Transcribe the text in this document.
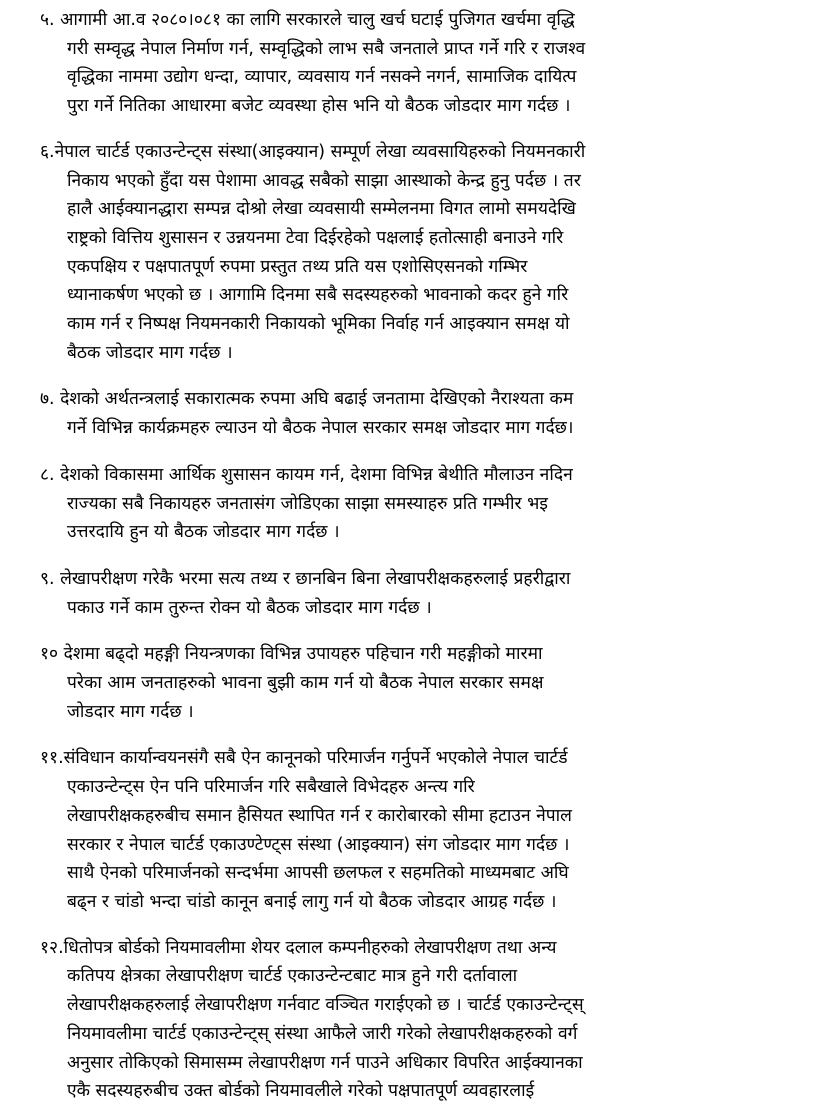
५. आगामी आ.व २०८०।०८१ का लागि सरकारले चालु खर्च घटाई पुजिगत खर्चमा वृद्धि
गरी सम्वृद्ध नेपाल निर्माण गर्न, सम्वृद्धिको लाभ सबै जनताले प्राप्त गर्ने गरि र राजश्व
वृद्धिका नाममा उद्योग धन्दा, व्यापार, व्यवसाय गर्न नसक्ने नगर्न, सामाजिक दायित्प
पुरा गर्ने नितिका आधारमा बजेट व्यवस्था होस भनि यो बैठक जोडदार माग गर्दछ ।
६.नेपाल चार्टर्ड एकाउन्टेन्ट्स संस्था(आइक्यान) सम्पूर्ण लेखा व्यवसायिहरुको नियमनकारी
निकाय भएको हुँदा यस पेशामा आवद्ध सबैको साझा आस्थाको केन्द्र हुनु पर्दछ । तर
हालै आईक्यानद्धारा सम्पन्न दोश्रो लेखा व्यवसायी सम्मेलनमा विगत लामो समयदेखि
राष्ट्रको वित्तिय शुसासन र उन्नयनमा टेवा दिईरहेको पक्षलाई हतोत्साही बनाउने गरि
एकपक्षिय र पक्षपातपूर्ण रुपमा प्रस्तुत तथ्य प्रति यस एशोसिएसनको गम्भिर
ध्यानाकर्षण भएको छ । आगामि दिनमा सबै सदस्यहरुको भावनाको कदर हुने गरि
काम गर्न र निष्पक्ष नियमनकारी निकायको भूमिका निर्वाह गर्न आइक्यान समक्ष यो
बैठक जोडदार माग गर्दछ ।
७. देशको अर्थतन्त्रलाई सकारात्मक रुपमा अघि बढाई जनतामा देखिएको नैराश्यता कम
गर्ने विभिन्न कार्यक्रमहरु ल्याउन यो बैठक नेपाल सरकार समक्ष जोडदार माग गर्दछ।
८. देशको विकासमा आर्थिक शुसासन कायम गर्न, देशमा विभिन्न बेथीति मौलाउन नदिन
राज्यका सबै निकायहरु जनतासंग जोडिएका साझा समस्याहरु प्रति गम्भीर भइ
उत्तरदायि हुन यो बैठक जोडदार माग गर्दछ ।
९. लेखापरीक्षण गरेकै भरमा सत्य तथ्य र छानबिन बिना लेखापरीक्षकहरुलाई प्रहरीद्वारा
पकाउ गर्ने काम तुरुन्त रोक्न यो बैठक जोडदार माग गर्दछ ।
१० देशमा बढ्दो महङ्गी नियन्त्रणका विभिन्न उपायहरु पहिचान गरी महङ्गीको मारमा
परेका आम जनताहरुको भावना बुझी काम गर्न यो बैठक नेपाल सरकार समक्ष
जोडदार माग गर्दछ ।
११.संविधान कार्यान्वयनसंगै सबै ऐन कानूनको परिमार्जन गर्नुपर्ने भएकोले नेपाल चार्टर्ड
एकाउन्टेन्ट्स ऐन पनि परिमार्जन गरि सबैखाले विभेदहरु अन्त्य गरि
लेखापरीक्षकहरुबीच समान हैसियत स्थापित गर्न र कारोबारको सीमा हटाउन नेपाल
सरकार र नेपाल चार्टर्ड एकाउण्टेण्ट्स संस्था (आइक्यान) संग जोडदार माग गर्दछ ।
साथै ऐनको परिमार्जनको सन्दर्भमा आपसी छलफल र सहमतिको माध्यमबाट अघि
बढ्न र चांडो भन्दा चांडो कानून बनाई लागु गर्न यो बैठक जोडदार आग्रह गर्दछ ।
१२.धितोपत्र बोर्डको नियमावलीमा शेयर दलाल कम्पनीहरुको लेखापरीक्षण तथा अन्य
कतिपय क्षेत्रका लेखापरीक्षण चार्टर्ड एकाउन्टेन्टबाट मात्र हुने गरी दर्तावाला
लेखापरीक्षकहरुलाई लेखापरीक्षण गर्नवाट वञ्चित गराईएको छ । चार्टर्ड एकाउन्टेन्ट्स्
नियमावलीमा चार्टर्ड एकाउन्टेन्ट्स् संस्था आफैले जारी गरेको लेखापरीक्षकहरुको वर्ग
अनुसार तोकिएको सिमासम्म लेखापरीक्षण गर्न पाउने अधिकार विपरित आईक्यानका
एकै सदस्यहरुबीच उक्त बोर्डको नियमावलीले गरेको पक्षपातपूर्ण व्यवहारलाई
